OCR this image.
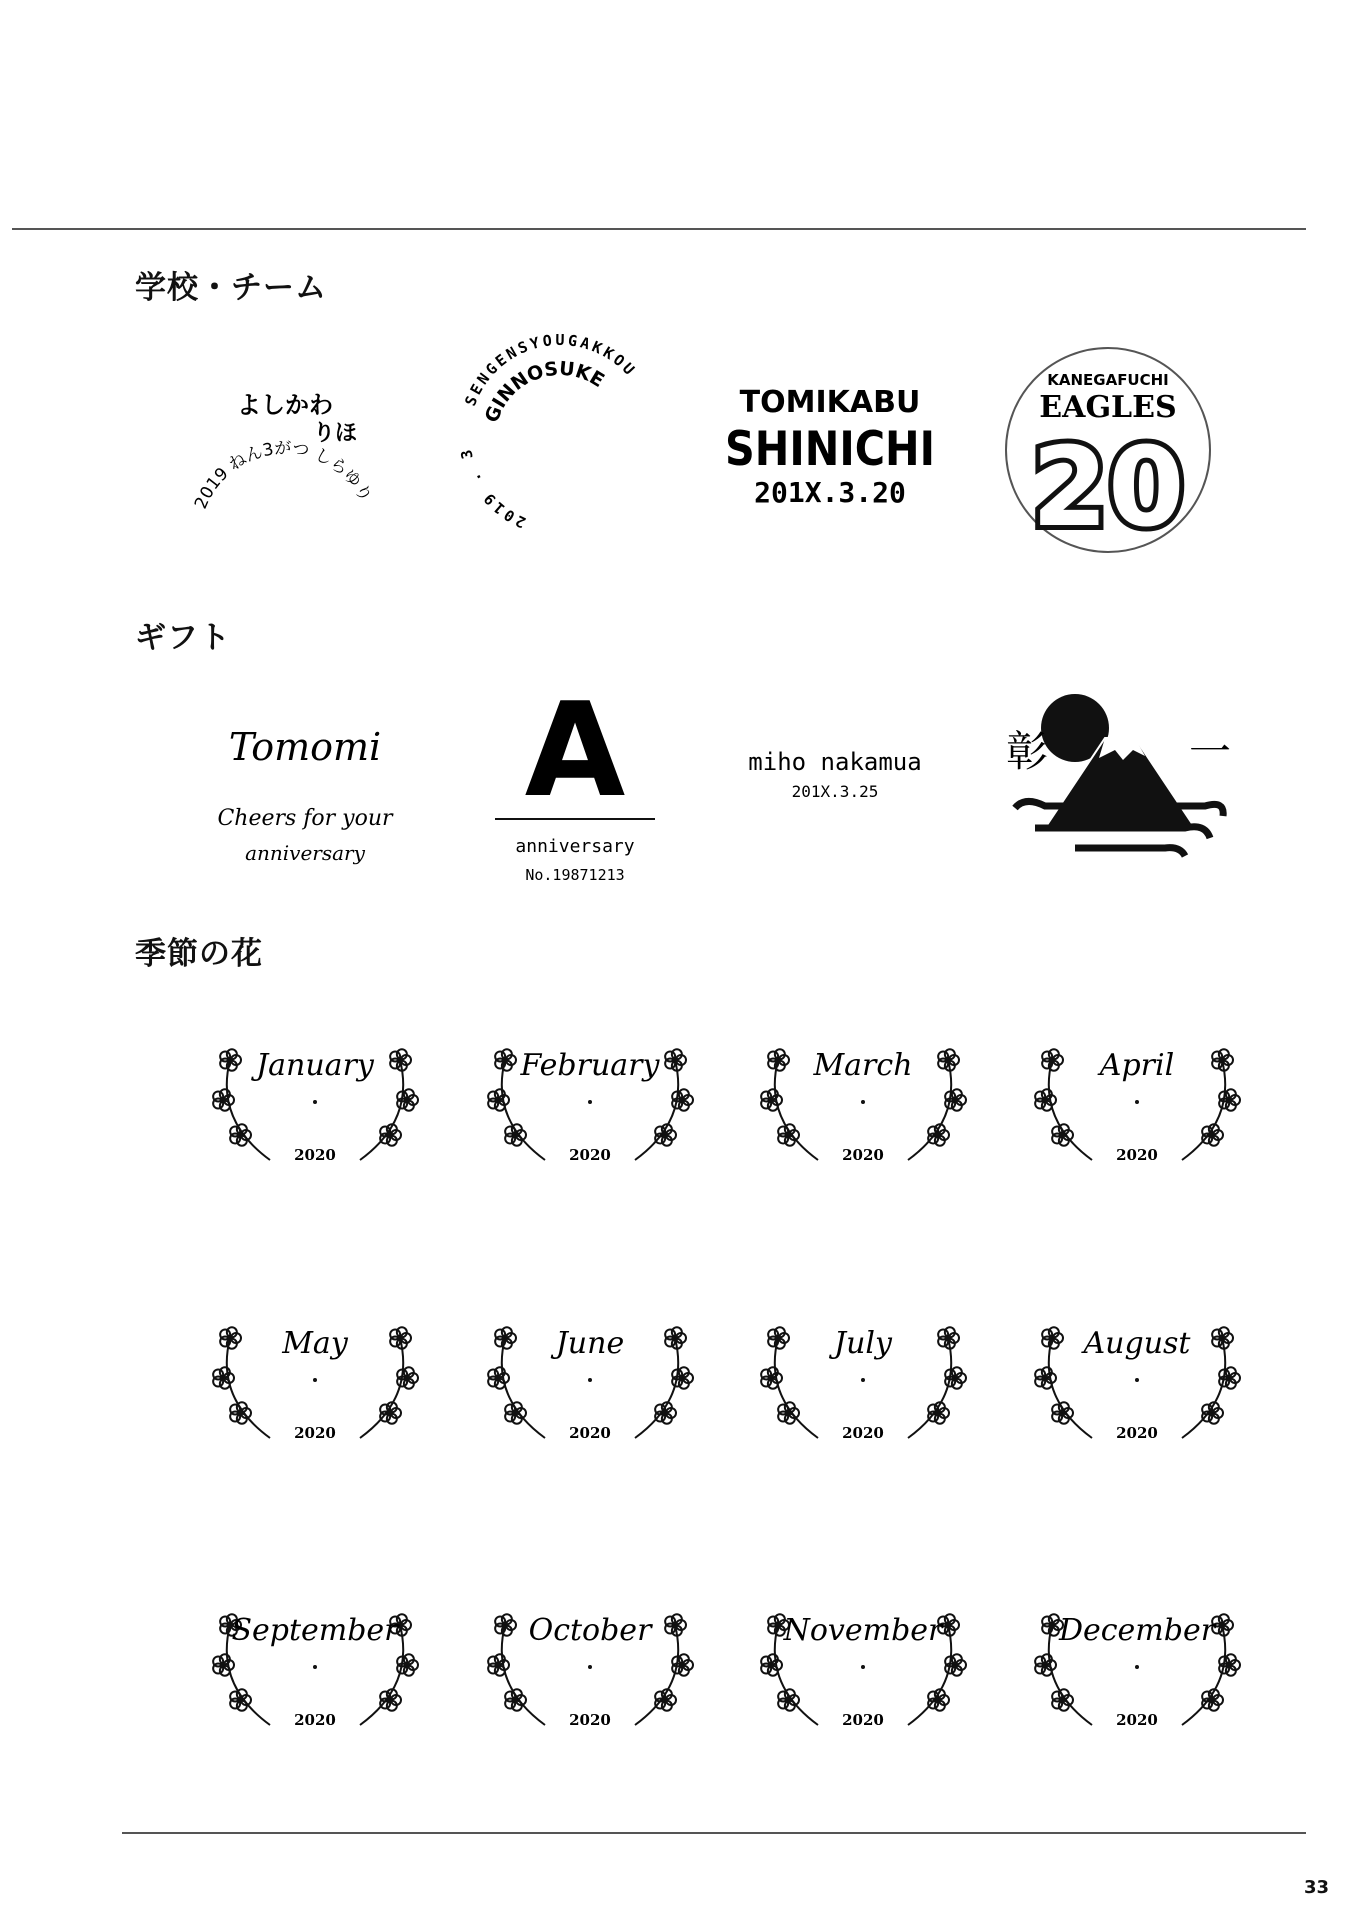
学校・チーム
2019 ねん3がつ しらゆりほいくえん卒園
よしかわ
りほ
SENGENSYOUGAKKOU
2019 . 3
GINNOSUKE
TOMIKABU
SHINICHI
201X.3.20
KANEGAFUCHI
EAGLES
20
ギフト
Tomomi
Cheers for your
anniversary
A
anniversary
No.19871213
miho nakamua
201X.3.25
彰	一
季節の花
January
2020
February
2020
March
2020
April
2020
May
2020
June
2020
July
2020
August
2020
September
2020
October
2020
November
2020
December
2020
33
